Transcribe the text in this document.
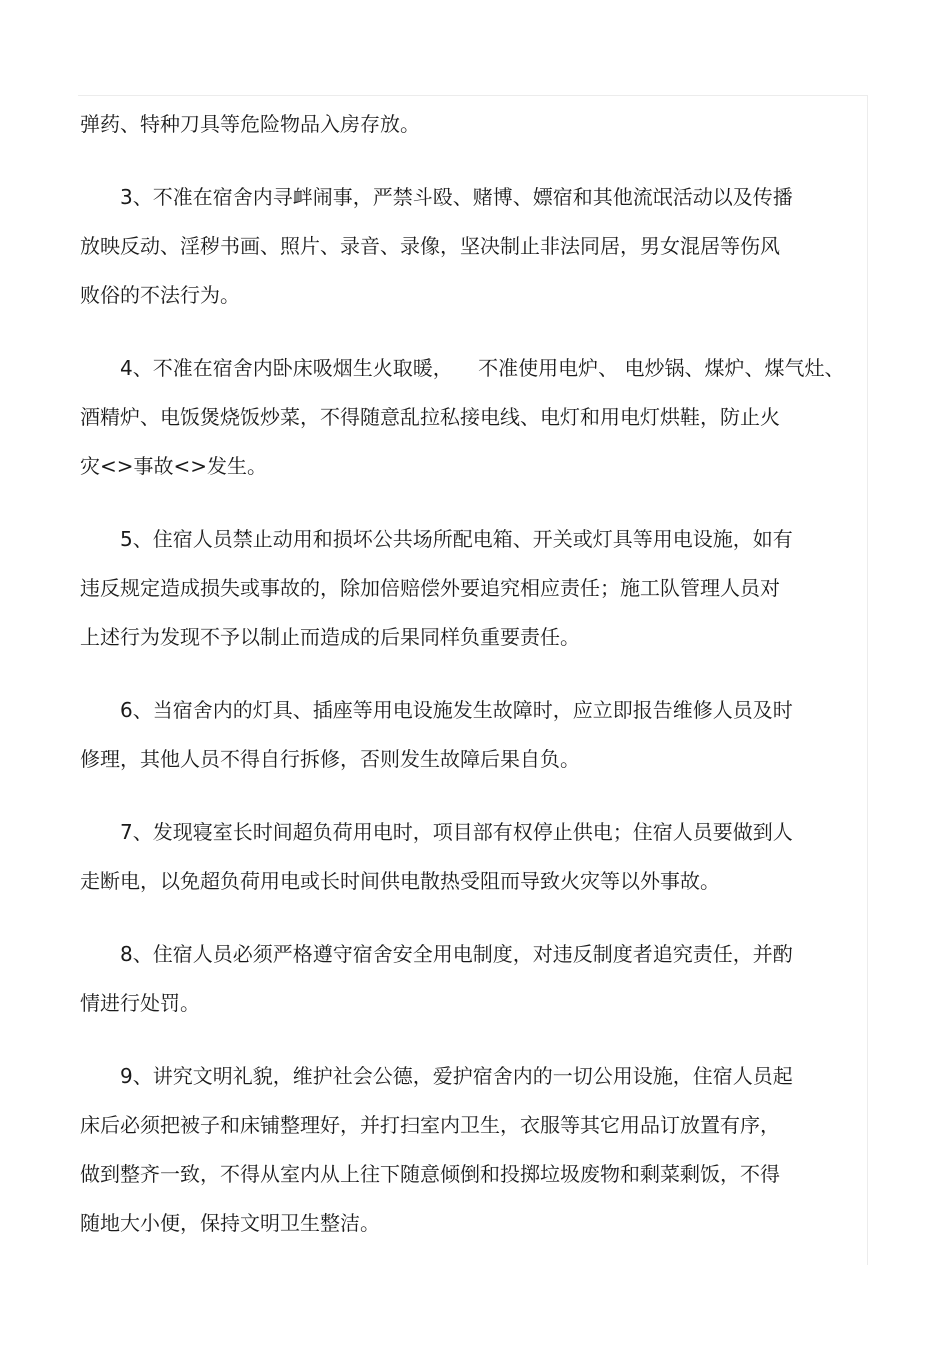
弹药、特种刀具等危险物品入房存放。
3、不准在宿舍内寻衅闹事，严禁斗殴、赌博、嫖宿和其他流氓活动以及传播
放映反动、淫秽书画、照片、录音、录像，坚决制止非法同居，男女混居等伤风
败俗的不法行为。
4、不准在宿舍内卧床吸烟生火取暖，    不准使用电炉、 电炒锅、煤炉、煤气灶、
酒精炉、电饭煲烧饭炒菜，不得随意乱拉私接电线、电灯和用电灯烘鞋，防止火
灾<>事故<>发生。
5、住宿人员禁止动用和损坏公共场所配电箱、开关或灯具等用电设施，如有
违反规定造成损失或事故的，除加倍赔偿外要追究相应责任；施工队管理人员对
上述行为发现不予以制止而造成的后果同样负重要责任。
6、当宿舍内的灯具、插座等用电设施发生故障时，应立即报告维修人员及时
修理，其他人员不得自行拆修，否则发生故障后果自负。
7、发现寝室长时间超负荷用电时，项目部有权停止供电；住宿人员要做到人
走断电，以免超负荷用电或长时间供电散热受阻而导致火灾等以外事故。
8、住宿人员必须严格遵守宿舍安全用电制度，对违反制度者追究责任，并酌
情进行处罚。
9、讲究文明礼貌，维护社会公德，爱护宿舍内的一切公用设施，住宿人员起
床后必须把被子和床铺整理好，并打扫室内卫生，衣服等其它用品订放置有序，
做到整齐一致，不得从室内从上往下随意倾倒和投掷垃圾废物和剩菜剩饭，不得
随地大小便，保持文明卫生整洁。
